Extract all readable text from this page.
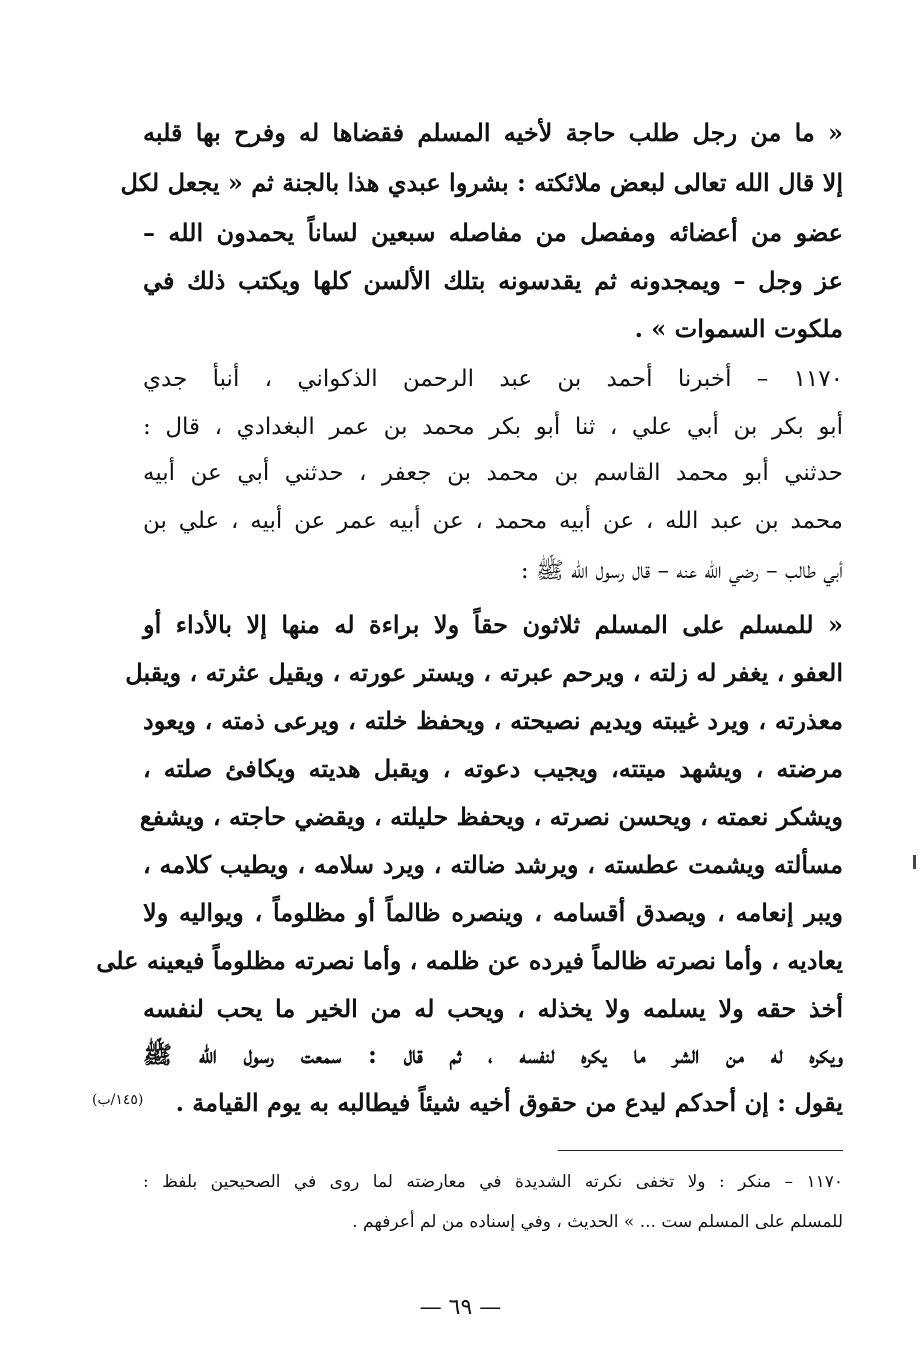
« ما من رجل طلب حاجة لأخيه المسلم فقضاها له وفرح بها قلبه
إلا قال الله تعالى لبعض ملائكته : بشروا عبدي هذا بالجنة ثم « يجعل لكل
عضو من أعضائه ومفصل من مفاصله سبعين لساناً يحمدون الله –
عز وجل – ويمجدونه ثم يقدسونه بتلك الألسن كلها ويكتب ذلك في
ملكوت السموات » .
١١٧٠ – أخبرنا أحمد بن عبد الرحمن الذكواني ، أنبأ جدي
أبو بكر بن أبي علي ، ثنا أبو بكر محمد بن عمر البغدادي ، قال :
حدثني أبو محمد القاسم بن محمد بن جعفر ، حدثني أبي عن أبيه
محمد بن عبد الله ، عن أبيه محمد ، عن أبيه عمر عن أبيه ، علي بن
أبي طالب – رضي الله عنه – قال رسول الله ﷺ :
« للمسلم على المسلم ثلاثون حقاً ولا براءة له منها إلا بالأداء أو
العفو ، يغفر له زلته ، ويرحم عبرته ، ويستر عورته ، ويقيل عثرته ، ويقبل
معذرته ، ويرد غيبته ويديم نصيحته ، ويحفظ خلته ، ويرعى ذمته ، ويعود
مرضته ، ويشهد ميتته، ويجيب دعوته ، ويقبل هديته ويكافئ صلته ،
ويشكر نعمته ، ويحسن نصرته ، ويحفظ حليلته ، ويقضي حاجته ، ويشفع
مسألته ويشمت عطسته ، ويرشد ضالته ، ويرد سلامه ، ويطيب كلامه ،
ويبر إنعامه ، ويصدق أقسامه ، وينصره ظالماً أو مظلوماً ، ويواليه ولا
يعاديه ، وأما نصرته ظالماً فيرده عن ظلمه ، وأما نصرته مظلوماً فيعينه على
أخذ حقه ولا يسلمه ولا يخذله ، ويحب له من الخير ما يحب لنفسه
ويكره له من الشر ما يكره لنفسه ، ثم قال : سمعت رسول الله ﷺ
يقول : إن أحدكم ليدع من حقوق أخيه شيئاً فيطالبه به يوم القيامة .
(١٤٥/ب)
١١٧٠ – منكر : ولا تخفى نكرته الشديدة في معارضته لما روى في الصحيحين بلفظ :
للمسلم على المسلم ست ... » الحديث ، وفي إسناده من لم أعرفهم .
— ٦٩ —
